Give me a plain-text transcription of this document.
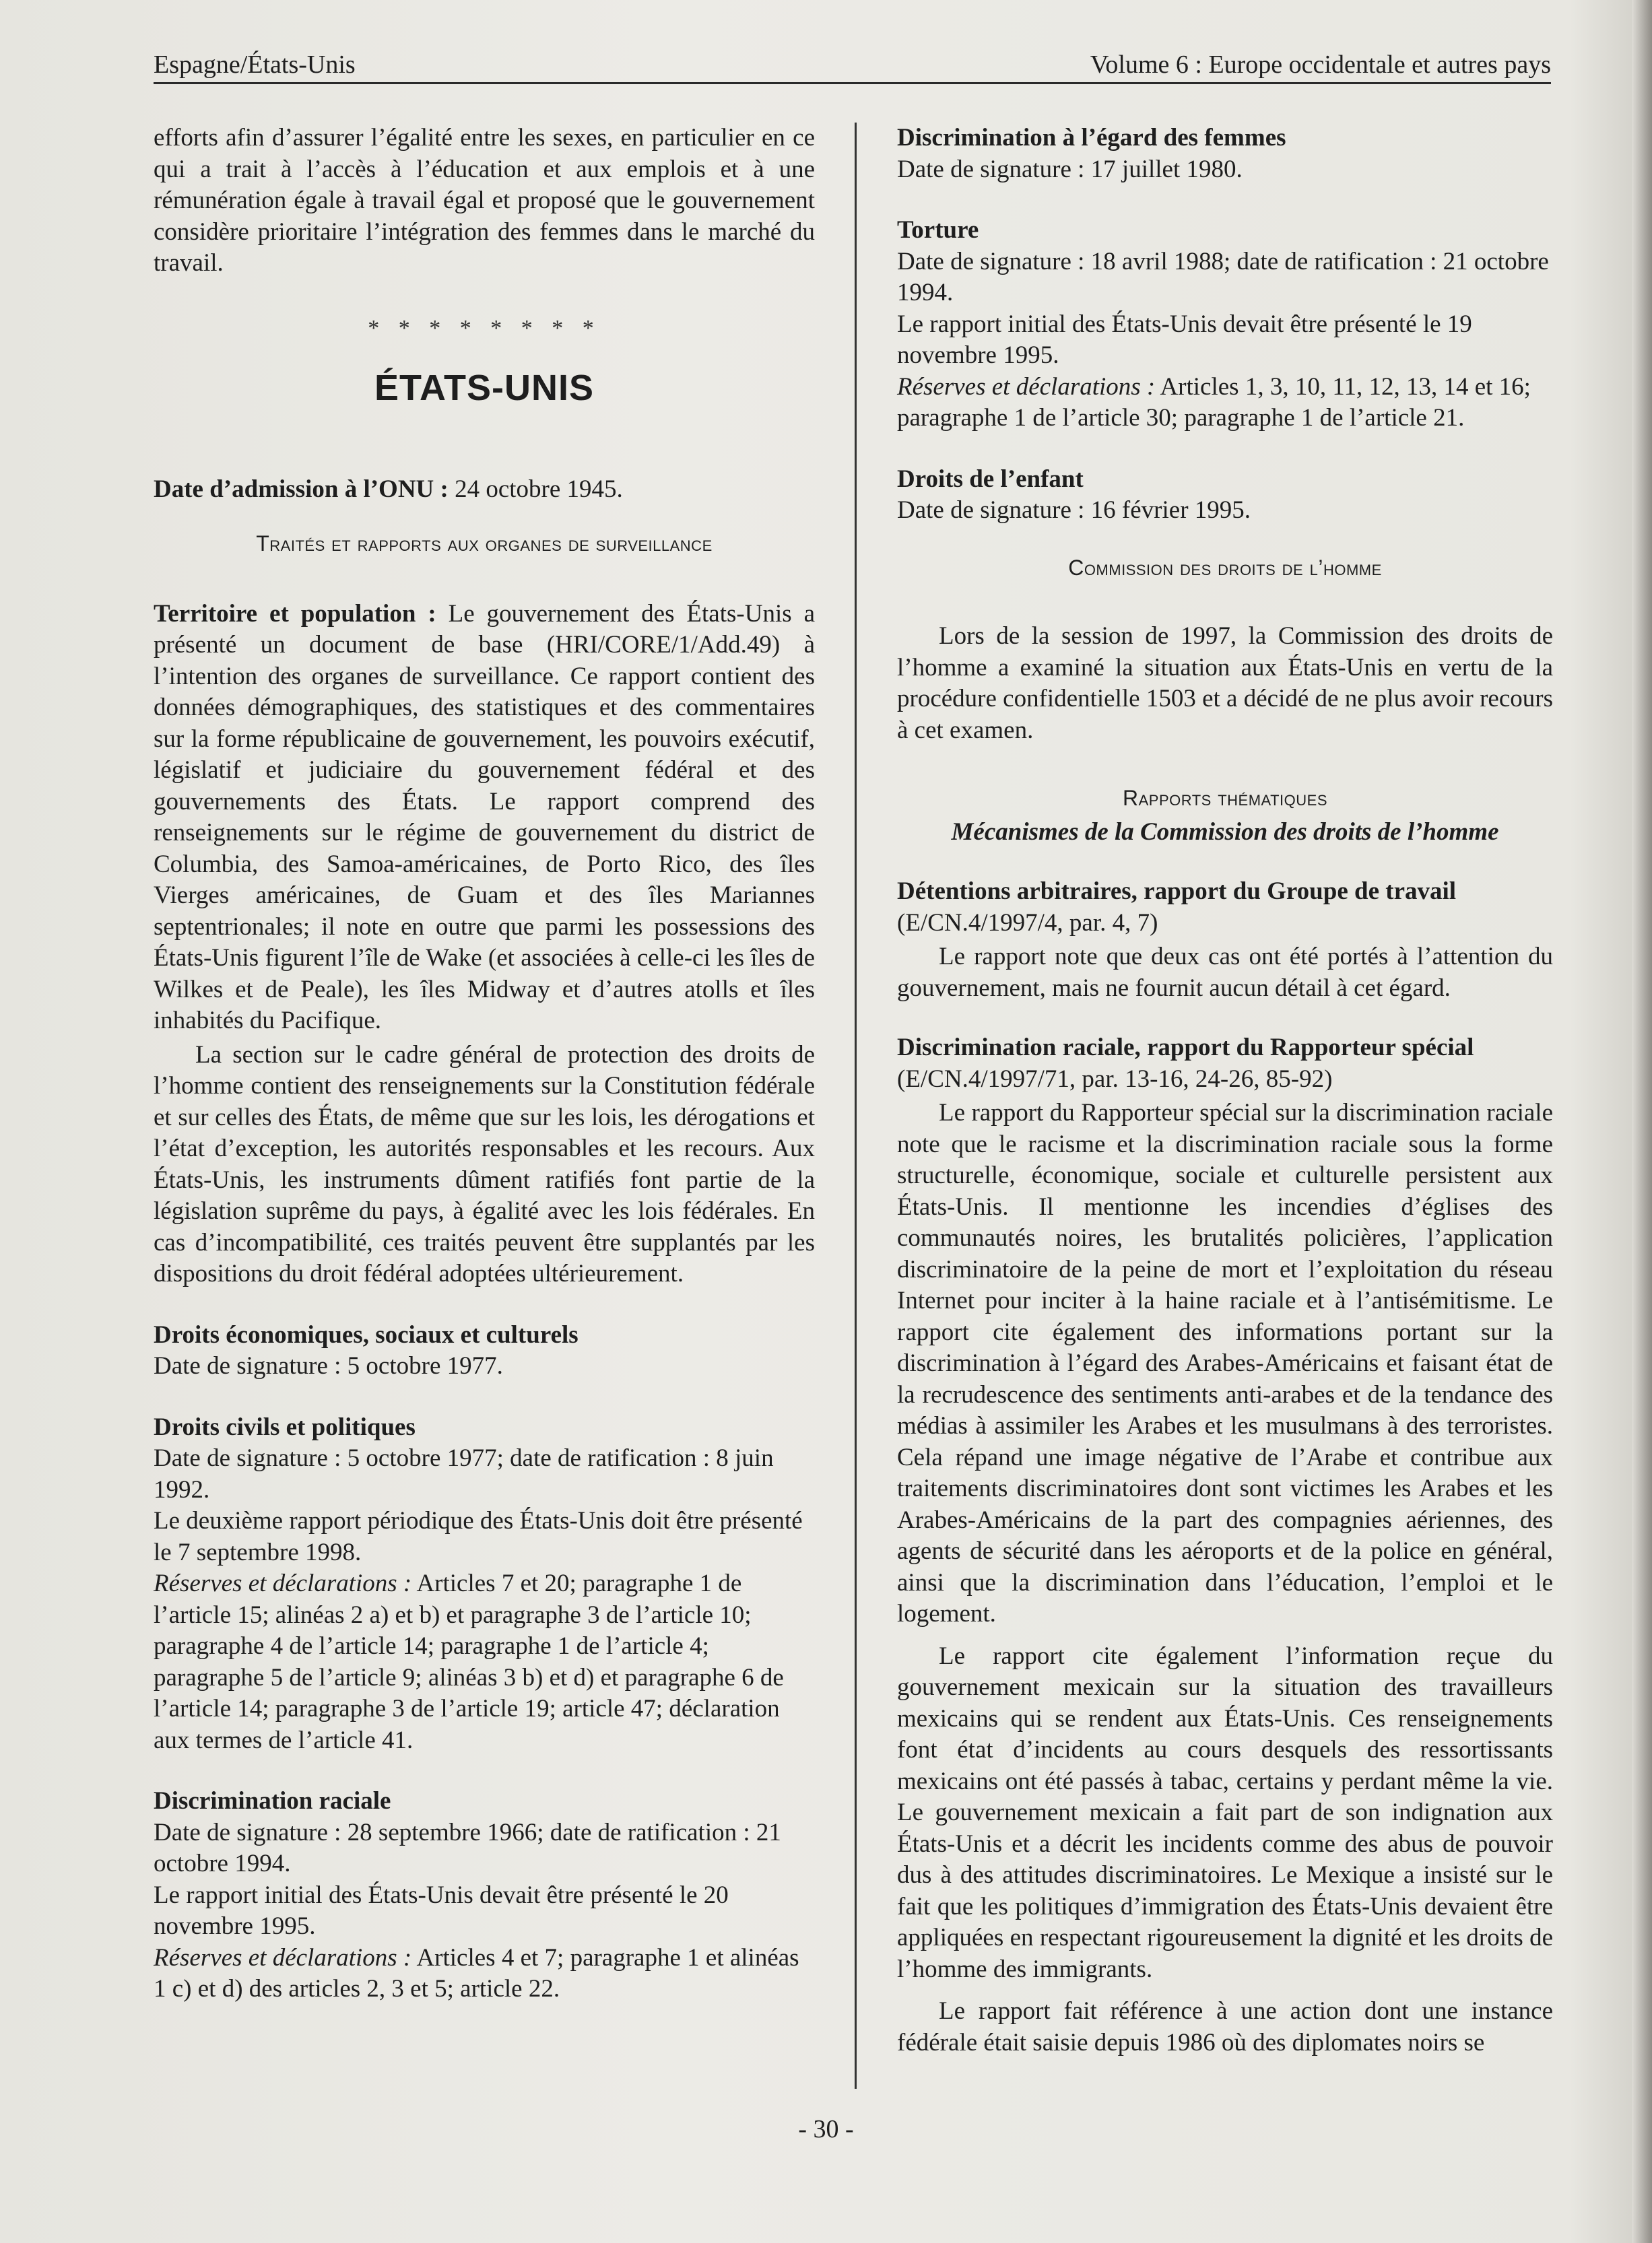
Espagne/États-Unis	Volume 6 : Europe occidentale et autres pays

efforts afin d’assurer l’égalité entre les sexes, en particulier en ce qui a trait à l’accès à l’éducation et aux emplois et à une rémunération égale à travail égal et proposé que le gouvernement considère prioritaire l’intégration des femmes dans le marché du travail.

* * * * * * * *
ÉTATS-UNIS

Date d’admission à l’ONU : 24 octobre 1945.

Traités et rapports aux organes de surveillance

Territoire et population : Le gouvernement des États-Unis a présenté un document de base (HRI/CORE/1/Add.49) à l’intention des organes de surveillance. Ce rapport contient des données démographiques, des statistiques et des commentaires sur la forme républicaine de gouvernement, les pouvoirs exécutif, législatif et judiciaire du gouvernement fédéral et des gouvernements des États. Le rapport comprend des renseignements sur le régime de gouvernement du district de Columbia, des Samoa-américaines, de Porto Rico, des îles Vierges américaines, de Guam et des îles Mariannes septentrionales; il note en outre que parmi les possessions des États-Unis figurent l’île de Wake (et associées à celle-ci les îles de Wilkes et de Peale), les îles Midway et d’autres atolls et îles inhabités du Pacifique.

La section sur le cadre général de protection des droits de l’homme contient des renseignements sur la Constitution fédérale et sur celles des États, de même que sur les lois, les dérogations et l’état d’exception, les autorités responsables et les recours. Aux États-Unis, les instruments dûment ratifiés font partie de la législation suprême du pays, à égalité avec les lois fédérales. En cas d’incompatibilité, ces traités peuvent être supplantés par les dispositions du droit fédéral adoptées ultérieurement.

Droits économiques, sociaux et culturels

Date de signature : 5 octobre 1977.

Droits civils et politiques

Date de signature : 5 octobre 1977; date de ratification : 8 juin 1992.

Le deuxième rapport périodique des États-Unis doit être présenté le 7 septembre 1998.

Réserves et déclarations : Articles 7 et 20; paragraphe 1 de l’article 15; alinéas 2 a) et b) et paragraphe 3 de l’article 10; paragraphe 4 de l’article 14; paragraphe 1 de l’article 4; paragraphe 5 de l’article 9; alinéas 3 b) et d) et paragraphe 6 de l’article 14; paragraphe 3 de l’article 19; article 47; déclaration aux termes de l’article 41.

Discrimination raciale

Date de signature : 28 septembre 1966; date de ratification : 21 octobre 1994.

Le rapport initial des États-Unis devait être présenté le 20 novembre 1995.

Réserves et déclarations : Articles 4 et 7; paragraphe 1 et alinéas 1 c) et d) des articles 2, 3 et 5; article 22.

Discrimination à l’égard des femmes

Date de signature : 17 juillet 1980.

Torture

Date de signature : 18 avril 1988; date de ratification : 21 octobre 1994.

Le rapport initial des États-Unis devait être présenté le 19 novembre 1995.

Réserves et déclarations : Articles 1, 3, 10, 11, 12, 13, 14 et 16; paragraphe 1 de l’article 30; paragraphe 1 de l’article 21.

Droits de l’enfant

Date de signature : 16 février 1995.

Commission des droits de l’homme

Lors de la session de 1997, la Commission des droits de l’homme a examiné la situation aux États-Unis en vertu de la procédure confidentielle 1503 et a décidé de ne plus avoir recours à cet examen.

Rapports thématiques

Mécanismes de la Commission des droits de l’homme

Détentions arbitraires, rapport du Groupe de travail

(E/CN.4/1997/4, par. 4, 7)

Le rapport note que deux cas ont été portés à l’attention du gouvernement, mais ne fournit aucun détail à cet égard.

Discrimination raciale, rapport du Rapporteur spécial

(E/CN.4/1997/71, par. 13-16, 24-26, 85-92)

Le rapport du Rapporteur spécial sur la discrimination raciale note que le racisme et la discrimination raciale sous la forme structurelle, économique, sociale et culturelle persistent aux États-Unis. Il mentionne les incendies d’églises des communautés noires, les brutalités policières, l’application discriminatoire de la peine de mort et l’exploitation du réseau Internet pour inciter à la haine raciale et à l’antisémitisme. Le rapport cite également des informations portant sur la discrimination à l’égard des Arabes-Américains et faisant état de la recrudescence des sentiments anti-arabes et de la tendance des médias à assimiler les Arabes et les musulmans à des terroristes. Cela répand une image négative de l’Arabe et contribue aux traitements discriminatoires dont sont victimes les Arabes et les Arabes-Américains de la part des compagnies aériennes, des agents de sécurité dans les aéroports et de la police en général, ainsi que la discrimination dans l’éducation, l’emploi et le logement.

Le rapport cite également l’information reçue du gouvernement mexicain sur la situation des travailleurs mexicains qui se rendent aux États-Unis. Ces renseignements font état d’incidents au cours desquels des ressortissants mexicains ont été passés à tabac, certains y perdant même la vie. Le gouvernement mexicain a fait part de son indignation aux États-Unis et a décrit les incidents comme des abus de pouvoir dus à des attitudes discriminatoires. Le Mexique a insisté sur le fait que les politiques d’immigration des États-Unis devaient être appliquées en respectant rigoureusement la dignité et les droits de l’homme des immigrants.

Le rapport fait référence à une action dont une instance fédérale était saisie depuis 1986 où des diplomates noirs se

- 30 -
